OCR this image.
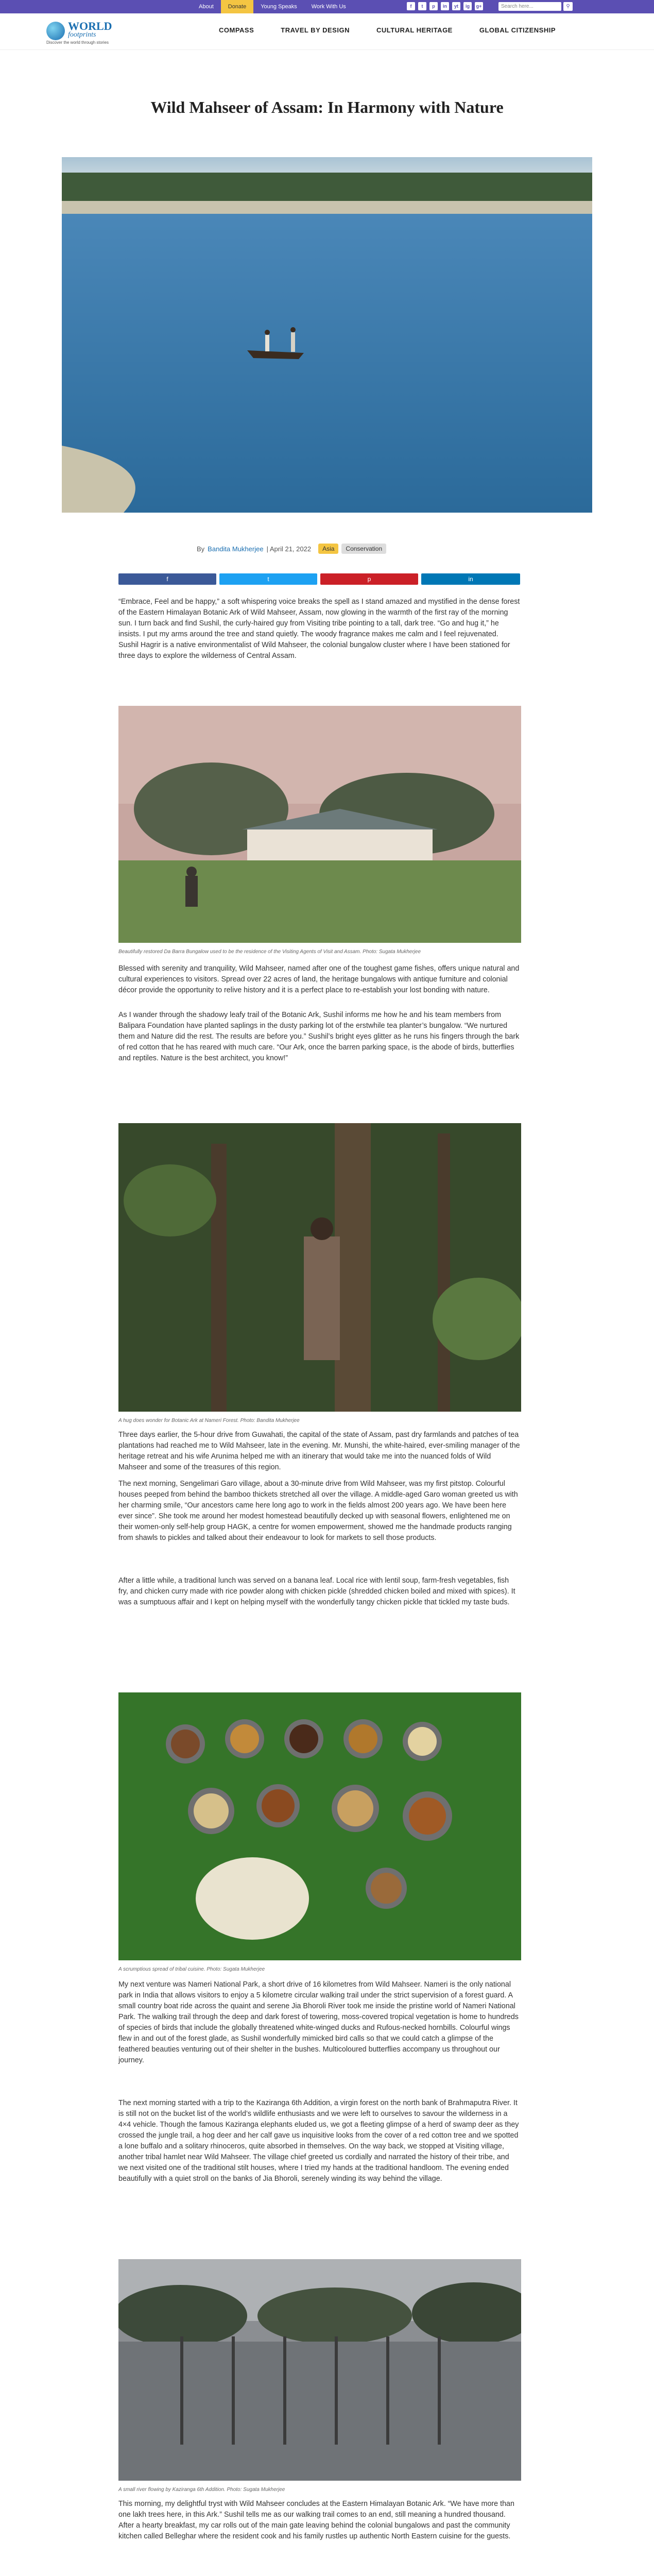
About	Donate	Young Speaks	Work With Us	f	t	p	in	yt	ig	g+	Search here...	⚲
WORLD
footprints
Discover the world through stories
COMPASS	TRAVEL BY DESIGN	CULTURAL HERITAGE	GLOBAL CITIZENSHIP
Wild Mahseer of Assam: In Harmony with Nature
By Bandita Mukherjee | April 21, 2022	Asia	Conservation
f	t	p	in

“Embrace, Feel and be happy,” a soft whispering voice breaks the spell as I stand amazed and mystified in the dense forest of the Eastern Himalayan Botanic Ark of Wild Mahseer, Assam, now glowing in the warmth of the first ray of the morning sun. I turn back and find Sushil, the curly-haired guy from Visiting tribe pointing to a tall, dark tree. “Go and hug it,” he insists. I put my arms around the tree and stand quietly. The woody fragrance makes me calm and I feel rejuvenated. Sushil Hagrir is a native environmentalist of Wild Mahseer, the colonial bungalow cluster where I have been stationed for three days to explore the wilderness of Central Assam.

Beautifully restored Da Barra Bungalow used to be the residence of the Visiting Agents of Visit and Assam. Photo: Sugata Mukherjee

Blessed with serenity and tranquility, Wild Mahseer, named after one of the toughest game fishes, offers unique natural and cultural experiences to visitors. Spread over 22 acres of land, the heritage bungalows with antique furniture and colonial décor provide the opportunity to relive history and it is a perfect place to re-establish your lost bonding with nature.

As I wander through the shadowy leafy trail of the Botanic Ark, Sushil informs me how he and his team members from Balipara Foundation have planted saplings in the dusty parking lot of the erstwhile tea planter’s bungalow. “We nurtured them and Nature did the rest. The results are before you.” Sushil’s bright eyes glitter as he runs his fingers through the bark of red cotton that he has reared with much care. “Our Ark, once the barren parking space, is the abode of birds, butterflies and reptiles. Nature is the best architect, you know!”

A hug does wonder for Botanic Ark at Nameri Forest. Photo: Bandita Mukherjee

Three days earlier, the 5-hour drive from Guwahati, the capital of the state of Assam, past dry farmlands and patches of tea plantations had reached me to Wild Mahseer, late in the evening. Mr. Munshi, the white-haired, ever-smiling manager of the heritage retreat and his wife Arunima helped me with an itinerary that would take me into the nuanced folds of Wild Mahseer and some of the treasures of this region.

The next morning, Sengelimari Garo village, about a 30-minute drive from Wild Mahseer, was my first pitstop. Colourful houses peeped from behind the bamboo thickets stretched all over the village. A middle-aged Garo woman greeted us with her charming smile, “Our ancestors came here long ago to work in the fields almost 200 years ago. We have been here ever since”. She took me around her modest homestead beautifully decked up with seasonal flowers, enlightened me on their women-only self-help group HAGK, a centre for women empowerment, showed me the handmade products ranging from shawls to pickles and talked about their endeavour to look for markets to sell those products.

After a little while, a traditional lunch was served on a banana leaf. Local rice with lentil soup, farm-fresh vegetables, fish fry, and chicken curry made with rice powder along with chicken pickle (shredded chicken boiled and mixed with spices). It was a sumptuous affair and I kept on helping myself with the wonderfully tangy chicken pickle that tickled my taste buds.

A scrumptious spread of tribal cuisine. Photo: Sugata Mukherjee

My next venture was Nameri National Park, a short drive of 16 kilometres from Wild Mahseer. Nameri is the only national park in India that allows visitors to enjoy a 5 kilometre circular walking trail under the strict supervision of a forest guard. A small country boat ride across the quaint and serene Jia Bhoroli River took me inside the pristine world of Nameri National Park. The walking trail through the deep and dark forest of towering, moss-covered tropical vegetation is home to hundreds of species of birds that include the globally threatened white-winged ducks and Rufous-necked hornbills. Colourful wings flew in and out of the forest glade, as Sushil wonderfully mimicked bird calls so that we could catch a glimpse of the feathered beauties venturing out of their shelter in the bushes. Multicoloured butterflies accompany us throughout our journey.

The next morning started with a trip to the Kaziranga 6th Addition, a virgin forest on the north bank of Brahmaputra River. It is still not on the bucket list of the world’s wildlife enthusiasts and we were left to ourselves to savour the wilderness in a 4×4 vehicle. Though the famous Kaziranga elephants eluded us, we got a fleeting glimpse of a herd of swamp deer as they crossed the jungle trail, a hog deer and her calf gave us inquisitive looks from the cover of a red cotton tree and we spotted a lone buffalo and a solitary rhinoceros, quite absorbed in themselves. On the way back, we stopped at Visiting village, another tribal hamlet near Wild Mahseer. The village chief greeted us cordially and narrated the history of their tribe, and we next visited one of the traditional stilt houses, where I tried my hands at the traditional handloom. The evening ended beautifully with a quiet stroll on the banks of Jia Bhoroli, serenely winding its way behind the village.

A small river flowing by Kaziranga 6th Addition. Photo: Sugata Mukherjee

This morning, my delightful tryst with Wild Mahseer concludes at the Eastern Himalayan Botanic Ark. “We have more than one lakh trees here, in this Ark.” Sushil tells me as our walking trail comes to an end, still meaning a hundred thousand. After a hearty breakfast, my car rolls out of the main gate leaving behind the colonial bungalows and past the community kitchen called Belleghar where the resident cook and his family rustles up authentic North Eastern cuisine for the guests.
